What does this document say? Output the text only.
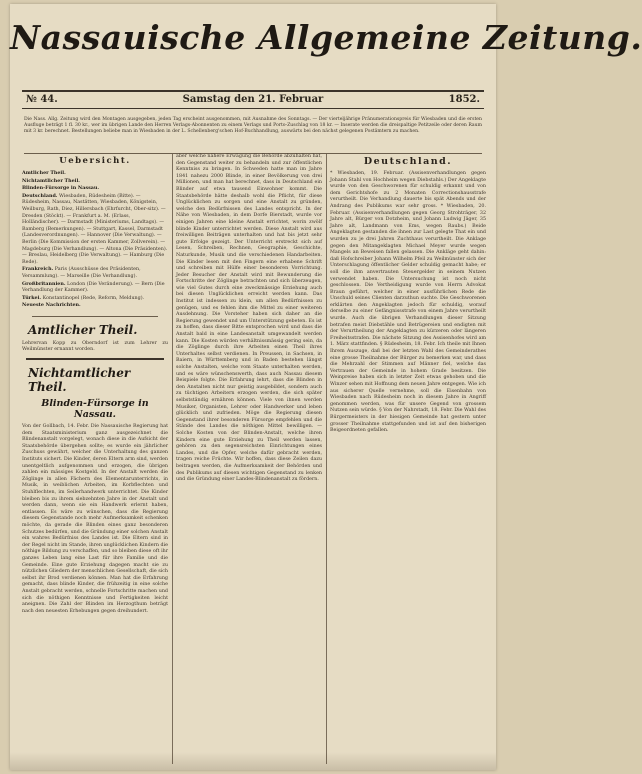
Nassauische Allgemeine Zeitung.
№ 44.	Samstag den 21. Februar	1852.

Die Nass. Allg. Zeitung wird den Montagen ausgegeben, jeden Tag erscheint ausgenommen, mit Ausnahme des Sonntags. — Der vierteljährige Pränumerationspreis für Wiesbaden und die ersten Ausfluge beträgt 1 fl. 30 kr., wer im übrigen Lande den Herren Verlags-Abonnenten zu einem Verlags und Porto-Zuschlag von 18 kr. — Inserate werden die dreispaltige Petitzeile oder deren Raum mit 3 kr. berechnet. Bestellungen beliebe man in Wiesbaden in der L. Schellenberg'schen Hof-Buchhandlung, auswärts bei den nächst gelegenen Postämtern zu machen.

Uebersicht.
Amtlicher Theil.
Nichtamtlicher Theil.
Blinden-Fürsorge in Nassau.
Deutschland. Wiesbaden, Rüdesheim (Bitte). — Rüdesheim, Nassau, Nastätten, Wiesbaden, Königstein, Weilburg, Rath, Diez, Hillersbach (Ehrfurcht, Ober-sitz). — Dresden (Stöckt). — Frankfurt a. M. (Erlass, Holländischer). — Darmstadt (Ministeriums, Landtags). — Bamberg (Bemerkungen). — Stuttgart, Kassel, Darmstadt (Landesverordnungen). — Hannover (Die Verwaltung). — Berlin (Die Kommission der ersten Kammer, Zollverein). — Magdeburg (Die Verhandlung). — Altona (Die Präsidenten). — Breslau, Heidelberg (Die Verwaltung). — Hamburg (Die Rede).
Frankreich. Paris (Ausschüsse des Präsidenten, Versammlung). — Marseille (Die Verhandlung).
Großbritannien. London (Die Veränderung). — Bern (Die Verhandlung der Kammer).
Türkei. Konstantinopel (Rede, Reform, Meldung).
Neueste Nachrichten.
Amtlicher Theil.

Lehrervan Kopp zu Oberndorf ist zum Lehrer zu Weilmünster ernannt worden.

Nichtamtlicher Theil.
Blinden-Fürsorge in Nassau.

Von der Gollbach, 14. Febr. Die Nassauische Regierung hat dem Staatsministerium ganz ausgezeichnet die Blindenanstalt vorgelegt, wonach diese in die Aufsicht der Staatsbehörde übergehen sollte; es wurde ein jährlicher Zuschuss gewährt, welcher die Unterhaltung des ganzen Instituts sichert. Die Kinder, deren Eltern arm sind, werden unentgeltlich aufgenommen und erzogen, die übrigen zahlen ein mässiges Kostgeld. In der Anstalt werden die Zöglinge in allen Fächern des Elementarunterrichts, in Musik, in weiblichen Arbeiten, im Korbflechten und Stuhlflechten, im Seilerhandwerk unterrichtet. Die Kinder bleiben bis zu ihrem siebzehnten Jahre in der Anstalt und werden dann, wenn sie ein Handwerk erlernt haben, entlassen. Es wäre zu wünschen, dass die Regierung diesem Gegenstande noch mehr Aufmerksamkeit schenken möchte, da gerade die Blinden eines ganz besonderen Schutzes bedürfen, und die Gründung einer solchen Anstalt ein wahres Bedürfniss des Landes ist. Die Eltern sind in der Regel nicht im Stande, ihren unglücklichen Kindern die nöthige Bildung zu verschaffen, und so bleiben diese oft ihr ganzes Leben lang eine Last für ihre Familie und die Gemeinde. Eine gute Erziehung dagegen macht sie zu nützlichen Gliedern der menschlichen Gesellschaft, die sich selbst ihr Brod verdienen können. Man hat die Erfahrung gemacht, dass blinde Kinder, die frühzeitig in eine solche Anstalt gebracht werden, schnelle Fortschritte machen und sich die nöthigen Kenntnisse und Fertigkeiten leicht aneignen. Die Zahl der Blinden im Herzogthum beträgt nach den neuesten Erhebungen gegen dreihundert.

aber welche nähere Erwägung die Behörde abzuhalten hat, den Gegenstand weiter zu behandeln und zur öffentlichen Kenntniss zu bringen. In Schweden hatte man im Jahre 1841 nahezu 2000 Blinde, in einer Bevölkerung von drei Millionen, und man hat berechnet, dass in Deutschland ein Blinder auf etwa tausend Einwohner kommt. Die Staatsbehörde hätte deshalb wohl die Pflicht, für diese Unglücklichen zu sorgen und eine Anstalt zu gründen, welche den Bedürfnissen des Landes entspricht. In der Nähe von Wiesbaden, in dem Dorfe Bierstadt, wurde vor einigen Jahren eine kleine Anstalt errichtet, worin zwölf blinde Kinder unterrichtet werden. Diese Anstalt wird aus freiwilligen Beiträgen unterhalten und hat bis jetzt sehr gute Erfolge gezeigt. Der Unterricht erstreckt sich auf Lesen, Schreiben, Rechnen, Geographie, Geschichte, Naturkunde, Musik und die verschiedenen Handarbeiten. Die Kinder lesen mit den Fingern eine erhabene Schrift und schreiben mit Hülfe einer besonderen Vorrichtung. Jeder Besucher der Anstalt wird mit Bewunderung die Fortschritte der Zöglinge betrachten und sich überzeugen, wie viel Gutes durch eine zweckmässige Erziehung auch bei diesen Unglücklichen erreicht werden kann. Das Institut ist indessen zu klein, um allen Bedürfnissen zu genügen, und es fehlen ihm die Mittel zu einer weiteren Ausdehnung. Die Vorsteher haben sich daher an die Regierung gewendet und um Unterstützung gebeten. Es ist zu hoffen, dass dieser Bitte entsprochen wird und dass die Anstalt bald in eine Landesanstalt umgewandelt werden kann. Die Kosten würden verhältnissmässig gering sein, da die Zöglinge durch ihre Arbeiten einen Theil ihres Unterhaltes selbst verdienen. In Preussen, in Sachsen, in Baiern, in Württemberg und in Baden bestehen längst solche Anstalten, welche vom Staate unterhalten werden, und es wäre wünschenswerth, dass auch Nassau diesem Beispiele folgte. Die Erfahrung lehrt, dass die Blinden in den Anstalten nicht nur geistig ausgebildet, sondern auch zu tüchtigen Arbeitern erzogen werden, die sich später selbstständig ernähren können. Viele von ihnen werden Musiker, Organisten, Lehrer oder Handwerker und leben glücklich und zufrieden. Möge die Regierung diesen Gegenstand ihrer besonderen Fürsorge empfehlen und die Stände des Landes die nöthigen Mittel bewilligen. — Solche Kosten von der Blinden-Anstalt, welche ihren Kindern eine gute Erziehung zu Theil werden lassen, gehören zu den segensreichsten Einrichtungen eines Landes, und die Opfer, welche dafür gebracht werden, tragen reiche Früchte. Wir hoffen, dass diese Zeilen dazu beitragen werden, die Aufmerksamkeit der Behörden und des Publikums auf diesen wichtigen Gegenstand zu lenken und die Gründung einer Landes-Blindenanstalt zu fördern.

Deutschland.

* Wiesbaden, 19. Februar. (Assisenverhandlungen gegen Johann Stahl von Hochheim wegen Diebstahls.) Der Angeklagte wurde von den Geschworenen für schuldig erkannt und von dem Gerichtshofe zu 2 Monaten Correctionshausstrafe verurtheilt. Die Verhandlung dauerte bis spät Abends und der Andrang des Publikums war sehr gross. * Wiesbaden, 20. Februar. (Assisenverhandlungen gegen Georg Strohträger, 32 Jahre alt, Bürger von Dotzheim, und Johann Ludwig Jäger, 35 Jahre alt, Landmann von Ems, wegen Raubs.) Beide Angeklagten gestanden die ihnen zur Last gelegte That ein und wurden zu je drei Jahren Zuchthaus verurtheilt. Die Anklage gegen den Mitangeklagten Michael Meyer wurde wegen Mangels an Beweisen fallen gelassen. Die Ankläge geht dahin: daß Hofschreiber Johann Wilhelm Pfeil zu Weilmünster sich der Unterschlagung öffentlicher Gelder schuldig gemacht habe; er soll die ihm anvertrauten Steuergelder in seinem Nutzen verwendet haben. Die Untersuchung ist noch nicht geschlossen. Die Vertheidigung wurde von Herrn Advokat Braun geführt, welcher in einer ausführlichen Rede die Unschuld seines Clienten darzuthun suchte. Die Geschworenen erklärten den Angeklagten jedoch für schuldig, worauf derselbe zu einer Gefängnissstrafe von einem Jahre verurtheilt wurde. Auch die übrigen Verhandlungen dieser Sitzung betrafen meist Diebstähle und Betrügereien und endigten mit der Verurtheilung der Angeklagten zu kürzeren oder längeren Freiheitsstrafen. Die nächste Sitzung des Assisenhofes wird am 1. März stattfinden. § Rüdesheim, 18. Febr. Ich theile mit Ihnen Ihrem Auszuge, daß bei der letzten Wahl des Gemeinderathes eine grosse Theilnahme der Bürger zu bemerken war, und dass die Mehrzahl der Stimmen auf Männer fiel, welche das Vertrauen der Gemeinde in hohem Grade besitzen. Die Weinpreise haben sich in letzter Zeit etwas gehoben und die Winzer sehen mit Hoffnung dem neuen Jahre entgegen. Wie ich aus sicherer Quelle vernehme, soll die Eisenbahn von Wiesbaden nach Rüdesheim noch in diesem Jahre in Angriff genommen werden, was für unsere Gegend von grossem Nutzen sein würde. § Von der Nahrstadt, 18. Febr. Die Wahl des Bürgermeisters in der hiesigen Gemeinde hat gestern unter grosser Theilnahme stattgefunden und ist auf den bisherigen Beigeordneten gefallen.
